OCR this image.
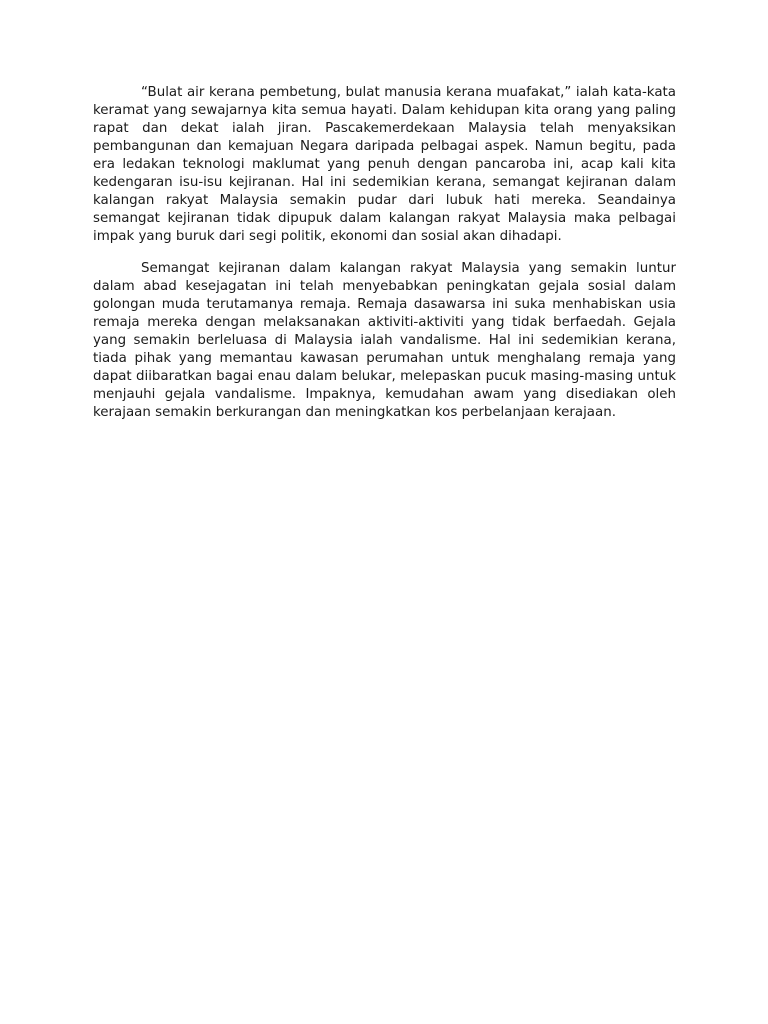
“Bulat air kerana pembetung, bulat manusia kerana muafakat,” ialah kata-kata keramat yang sewajarnya kita semua hayati. Dalam kehidupan kita orang yang paling rapat dan dekat ialah jiran. Pascakemerdekaan Malaysia telah menyaksikan pembangunan dan kemajuan Negara daripada pelbagai aspek. Namun begitu, pada era ledakan teknologi maklumat yang penuh dengan pancaroba ini, acap kali kita kedengaran isu-isu kejiranan. Hal ini sedemikian kerana, semangat kejiranan dalam kalangan rakyat Malaysia semakin pudar dari lubuk hati mereka. Seandainya semangat kejiranan tidak dipupuk dalam kalangan rakyat Malaysia maka pelbagai impak yang buruk dari segi politik, ekonomi dan sosial akan dihadapi.

Semangat kejiranan dalam kalangan rakyat Malaysia yang semakin luntur dalam abad kesejagatan ini telah menyebabkan peningkatan gejala sosial dalam golongan muda terutamanya remaja. Remaja dasawarsa ini suka menhabiskan usia remaja mereka dengan melaksanakan aktiviti-aktiviti yang tidak berfaedah. Gejala yang semakin berleluasa di Malaysia ialah vandalisme. Hal ini sedemikian kerana, tiada pihak yang memantau kawasan perumahan untuk menghalang remaja yang dapat diibaratkan bagai enau dalam belukar, melepaskan pucuk masing-masing untuk menjauhi gejala vandalisme. Impaknya, kemudahan awam yang disediakan oleh kerajaan semakin berkurangan dan meningkatkan kos perbelanjaan kerajaan.
